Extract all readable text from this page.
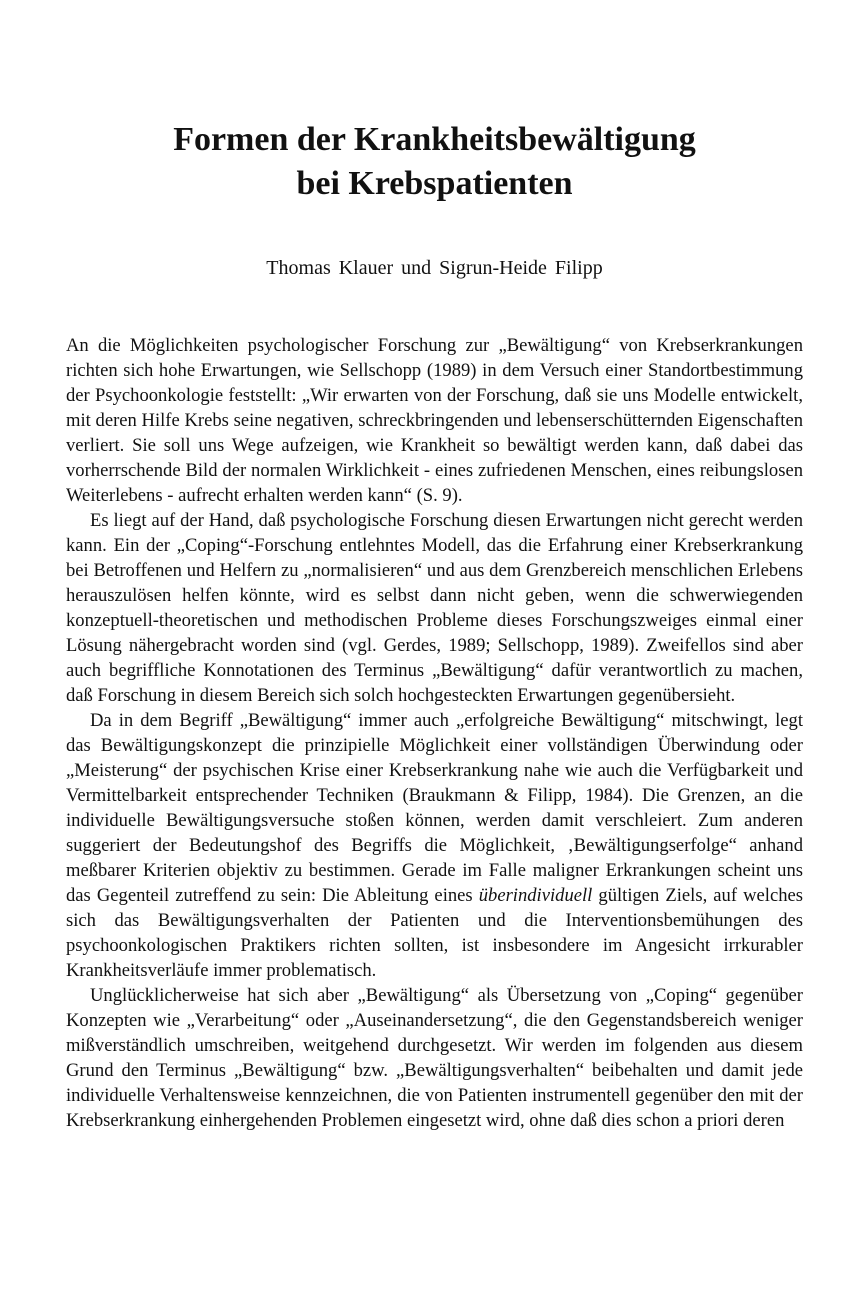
Formen der Krankheitsbewältigung
bei Krebspatienten
Thomas Klauer und Sigrun-Heide Filipp

An die Möglichkeiten psychologischer Forschung zur „Bewältigung“ von Krebserkrankungen richten sich hohe Erwartungen, wie Sellschopp (1989) in dem Versuch einer Standortbestimmung der Psychoonkologie feststellt: „Wir erwarten von der Forschung, daß sie uns Modelle entwickelt, mit deren Hilfe Krebs seine negativen, schreckbringenden und lebenserschütternden Eigenschaften verliert. Sie soll uns Wege aufzeigen, wie Krankheit so bewältigt werden kann, daß dabei das vorherrschende Bild der normalen Wirklichkeit - eines zufriedenen Menschen, eines reibungslosen Weiterlebens - aufrecht erhalten werden kann“ (S. 9).

Es liegt auf der Hand, daß psychologische Forschung diesen Erwartungen nicht gerecht werden kann. Ein der „Coping“-Forschung entlehntes Modell, das die Erfahrung einer Krebserkrankung bei Betroffenen und Helfern zu „normalisieren“ und aus dem Grenzbereich menschlichen Erlebens herauszulösen helfen könnte, wird es selbst dann nicht geben, wenn die schwerwiegenden konzeptuell-theoretischen und methodischen Probleme dieses Forschungszweiges einmal einer Lösung nähergebracht worden sind (vgl. Gerdes, 1989; Sellschopp, 1989). Zweifellos sind aber auch begriffliche Konnotationen des Terminus „Bewältigung“ dafür verantwortlich zu machen, daß Forschung in diesem Bereich sich solch hochgesteckten Erwartungen gegenübersieht.

Da in dem Begriff „Bewältigung“ immer auch „erfolgreiche Bewältigung“ mitschwingt, legt das Bewältigungskonzept die prinzipielle Möglichkeit einer vollständigen Überwindung oder „Meisterung“ der psychischen Krise einer Krebserkrankung nahe wie auch die Verfügbarkeit und Vermittelbarkeit entsprechender Techniken (Braukmann & Filipp, 1984). Die Grenzen, an die individuelle Bewältigungsversuche stoßen können, werden damit verschleiert. Zum anderen suggeriert der Bedeutungshof des Begriffs die Möglichkeit, ‚Bewältigungserfolge“ anhand meßbarer Kriterien objektiv zu bestimmen. Gerade im Falle maligner Erkrankungen scheint uns das Gegenteil zutreffend zu sein: Die Ableitung eines überindividuell gültigen Ziels, auf welches sich das Bewältigungsverhalten der Patienten und die Interventionsbemühungen des psychoonkologischen Praktikers richten sollten, ist insbesondere im Angesicht irrkurabler Krankheitsverläufe immer problematisch.

Unglücklicherweise hat sich aber „Bewältigung“ als Übersetzung von „Coping“ gegenüber Konzepten wie „Verarbeitung“ oder „Auseinandersetzung“, die den Gegenstandsbereich weniger mißverständlich umschreiben, weitgehend durchgesetzt. Wir werden im folgenden aus diesem Grund den Terminus „Bewältigung“ bzw. „Bewältigungsverhalten“ beibehalten und damit jede individuelle Verhaltensweise kennzeichnen, die von Patienten instrumentell gegenüber den mit der Krebserkrankung einhergehenden Problemen eingesetzt wird, ohne daß dies schon a priori deren
